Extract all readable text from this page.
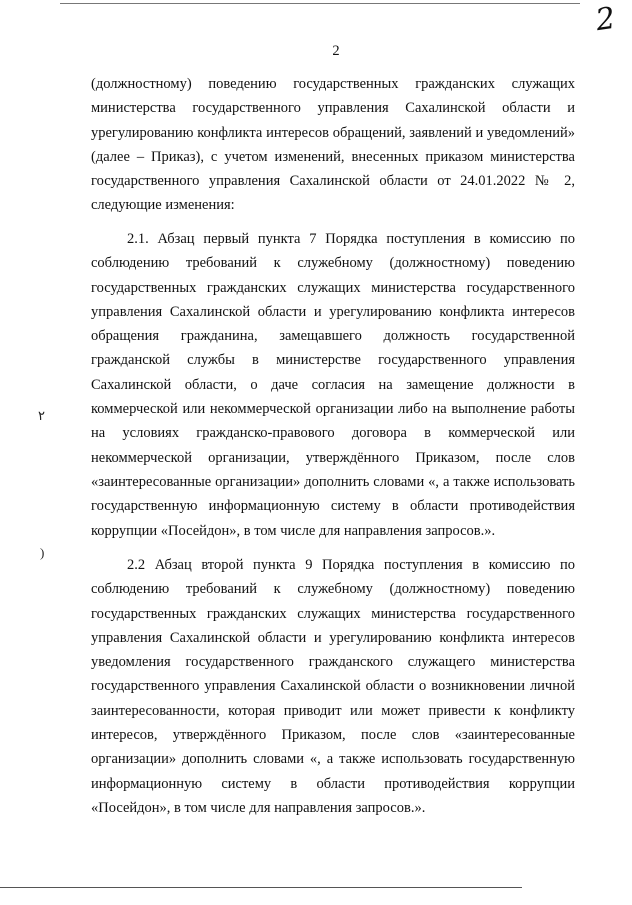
2
2
٢
)

(должностному) поведению государственных гражданских служащих министерства государственного управления Сахалинской области и урегулированию конфликта интересов обращений, заявлений и уведомлений» (далее – Приказ), с учетом изменений, внесенных приказом министерства государственного управления Сахалинской области от 24.01.2022 № 2, следующие изменения:

2.1. Абзац первый пункта 7 Порядка поступления в комиссию по соблюдению требований к служебному (должностному) поведению государственных гражданских служащих министерства государственного управления Сахалинской области и урегулированию конфликта интересов обращения гражданина, замещавшего должность государственной гражданской службы в министерстве государственного управления Сахалинской области, о даче согласия на замещение должности в коммерческой или некоммерческой организации либо на выполнение работы на условиях гражданско-правового договора в коммерческой или некоммерческой организации, утверждённого Приказом, после слов «заинтересованные организации» дополнить словами «, а также использовать государственную информационную систему в области противодействия коррупции «Посейдон», в том числе для направления запросов.».

2.2 Абзац второй пункта 9 Порядка поступления в комиссию по соблюдению требований к служебному (должностному) поведению государственных гражданских служащих министерства государственного управления Сахалинской области и урегулированию конфликта интересов уведомления государственного гражданского служащего министерства государственного управления Сахалинской области о возникновении личной заинтересованности, которая приводит или может привести к конфликту интересов, утверждённого Приказом, после слов «заинтересованные организации» дополнить словами «, а также использовать государственную информационную систему в области противодействия коррупции «Посейдон», в том числе для направления запросов.».
